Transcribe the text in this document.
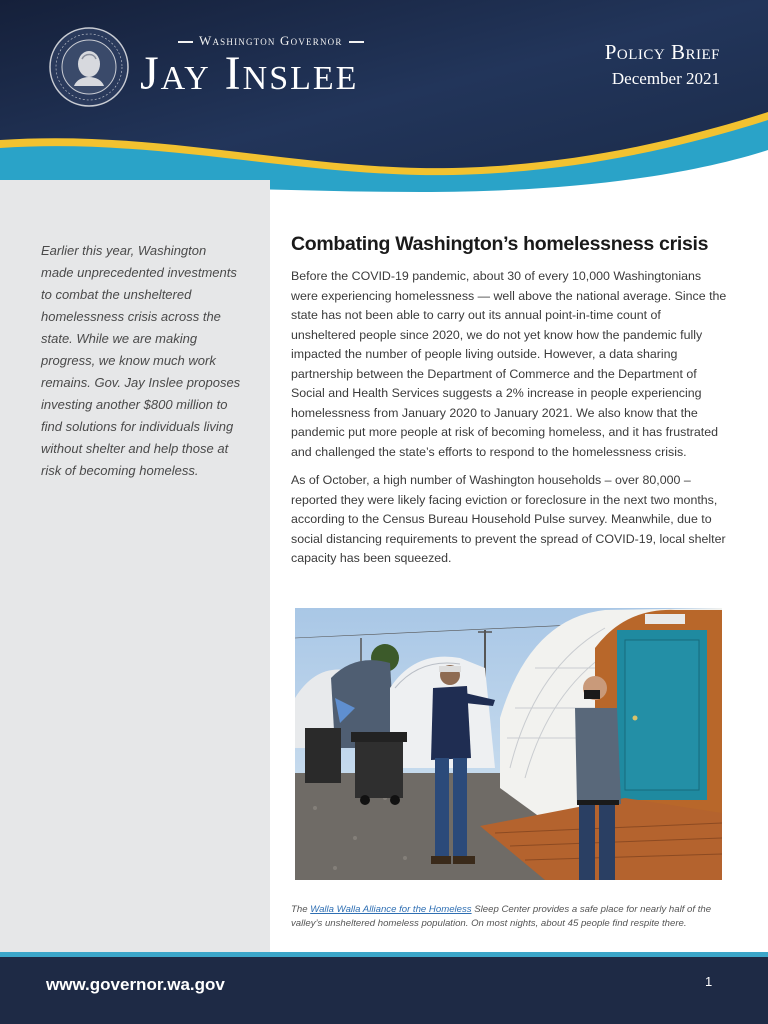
Washington Governor
Jay Inslee	Policy Brief
December 2021

Earlier this year, Washington made unprecedented investments to combat the unsheltered homelessness crisis across the state. While we are making progress, we know much work remains. Gov. Jay Inslee proposes investing another $800 million to find solutions for individuals living without shelter and help those at risk of becoming homeless.

Combating Washington’s homelessness crisis

Before the COVID-19 pandemic, about 30 of every 10,000 Washingtonians were experiencing homelessness — well above the national average. Since the state has not been able to carry out its annual point-in-time count of unsheltered people since 2020, we do not yet know how the pandemic fully impacted the number of people living outside. However, a data sharing partnership between the Department of Commerce and the Department of Social and Health Services suggests a 2% increase in people experiencing homelessness from January 2020 to January 2021. We also know that the pandemic put more people at risk of becoming homeless, and it has frustrated and challenged the state’s efforts to respond to the homelessness crisis.

As of October, a high number of Washington households – over 80,000 – reported they were likely facing eviction or foreclosure in the next two months, according to the Census Bureau Household Pulse survey. Meanwhile, due to social distancing requirements to prevent the spread of COVID-19, local shelter capacity has been squeezed.

The Walla Walla Alliance for the Homeless Sleep Center provides a safe place for nearly half of the valley’s unsheltered homeless population. On most nights, about 45 people find respite there.

www.governor.wa.gov	1
